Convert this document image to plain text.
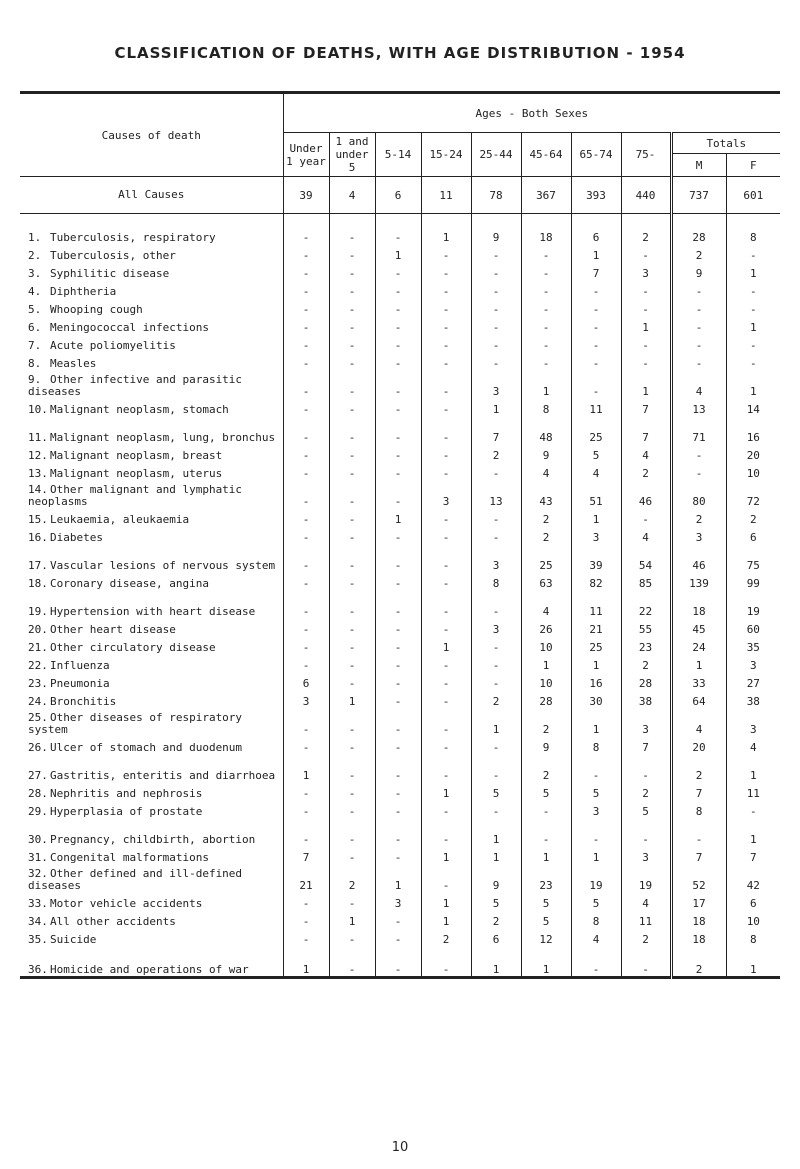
CLASSIFICATION OF DEATHS, WITH AGE DISTRIBUTION - 1954
Causes of death	Ages - Both Sexes									
	Under 1 year	1 and under 5	5-14	15-24	25-44	45-64	65-74	75-	Totals	
									M	F
All Causes	39	4	6	11	78	367	393	440	737	601

1. Tuberculosis, respiratory	-	-	-	1	9	18	6	2	28	8
2. Tuberculosis, other	-	-	1	-	-	-	1	-	2	-
3. Syphilitic disease	-	-	-	-	-	-	7	3	9	1
4. Diphtheria	-	-	-	-	-	-	-	-	-	-
5. Whooping cough	-	-	-	-	-	-	-	-	-	-
6. Meningococcal infections	-	-	-	-	-	-	-	1	-	1
7. Acute poliomyelitis	-	-	-	-	-	-	-	-	-	-
8. Measles	-	-	-	-	-	-	-	-	-	-
9. Other infective and parasitic diseases	-	-	-	-	3	1	-	1	4	1
10. Malignant neoplasm, stomach	-	-	-	-	1	8	11	7	13	14
11. Malignant neoplasm, lung, bronchus	-	-	-	-	7	48	25	7	71	16
12. Malignant neoplasm, breast	-	-	-	-	2	9	5	4	-	20
13. Malignant neoplasm, uterus	-	-	-	-	-	4	4	2	-	10
14. Other malignant and lymphatic neoplasms	-	-	-	3	13	43	51	46	80	72
15. Leukaemia, aleukaemia	-	-	1	-	-	2	1	-	2	2
16. Diabetes	-	-	-	-	-	2	3	4	3	6
17. Vascular lesions of nervous system	-	-	-	-	3	25	39	54	46	75
18. Coronary disease, angina	-	-	-	-	8	63	82	85	139	99
19. Hypertension with heart disease	-	-	-	-	-	4	11	22	18	19
20. Other heart disease	-	-	-	-	3	26	21	55	45	60
21. Other circulatory disease	-	-	-	1	-	10	25	23	24	35
22. Influenza	-	-	-	-	-	1	1	2	1	3
23. Pneumonia	6	-	-	-	-	10	16	28	33	27
24. Bronchitis	3	1	-	-	2	28	30	38	64	38
25. Other diseases of respiratory system	-	-	-	-	1	2	1	3	4	3
26. Ulcer of stomach and duodenum	-	-	-	-	-	9	8	7	20	4
27. Gastritis, enteritis and diarrhoea	1	-	-	-	-	2	-	-	2	1
28. Nephritis and nephrosis	-	-	-	1	5	5	5	2	7	11
29. Hyperplasia of prostate	-	-	-	-	-	-	3	5	8	-
30. Pregnancy, childbirth, abortion	-	-	-	-	1	-	-	-	-	1
31. Congenital malformations	7	-	-	1	1	1	1	3	7	7
32. Other defined and ill-defined diseases	21	2	1	-	9	23	19	19	52	42
33. Motor vehicle accidents	-	-	3	1	5	5	5	4	17	6
34. All other accidents	-	1	-	1	2	5	8	11	18	10
35. Suicide	-	-	-	2	6	12	4	2	18	8
36. Homicide and operations of war	1	-	-	-	1	1	-	-	2	1
10
